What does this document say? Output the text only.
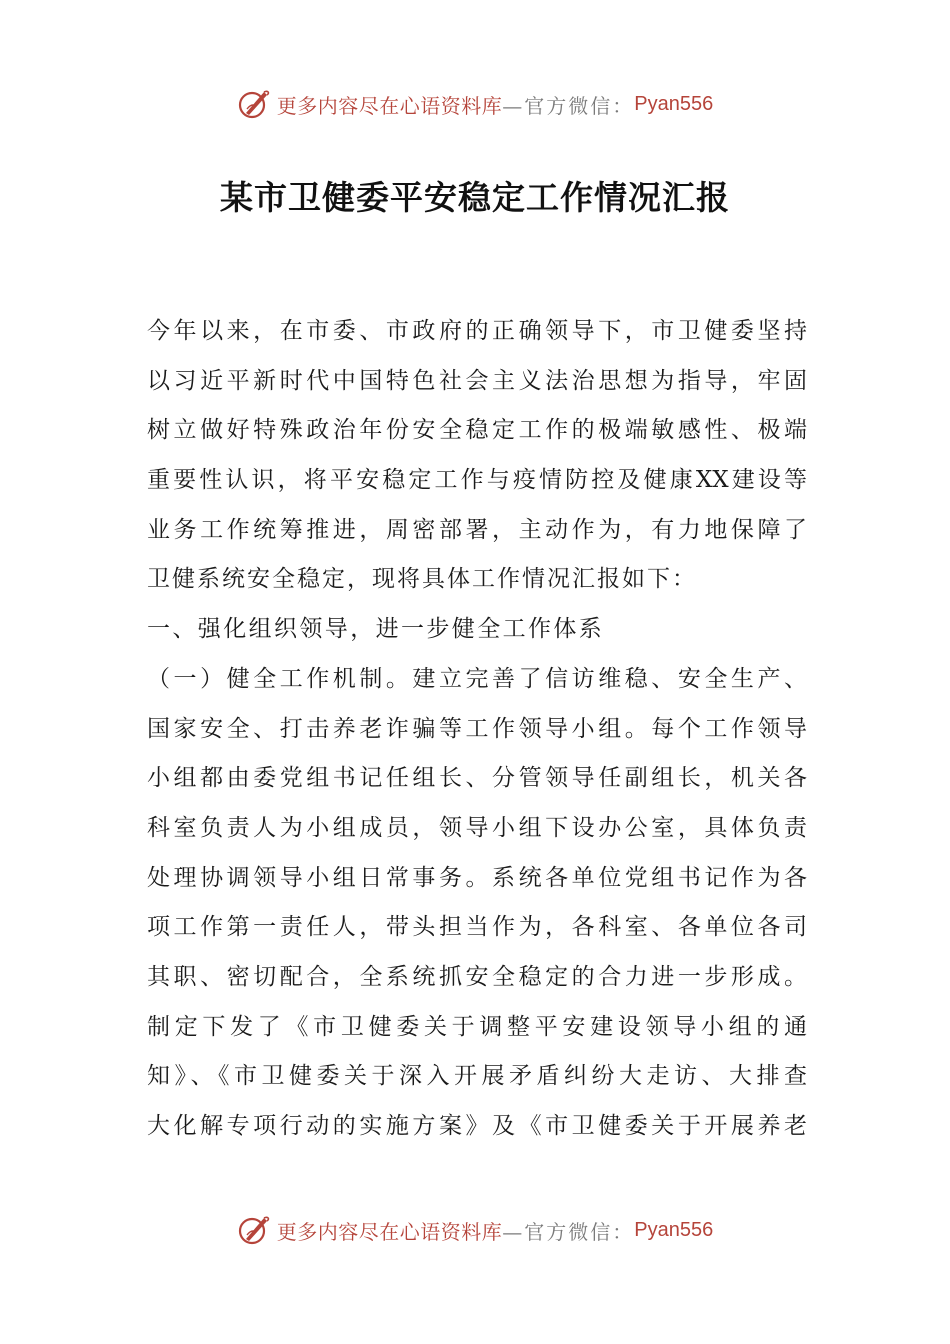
更多内容尽在心语资料库 —官方微信： Pyan556
某市卫健委平安稳定工作情况汇报
今年以来，在市委、市政府的正确领导下，市卫健委坚持
以习近平新时代中国特色社会主义法治思想为指导，牢固
树立做好特殊政治年份安全稳定工作的极端敏感性、极端
重要性认识，将平安稳定工作与疫情防控及健康XX建设等
业务工作统筹推进，周密部署，主动作为，有力地保障了
卫健系统安全稳定，现将具体工作情况汇报如下：
一、强化组织领导，进一步健全工作体系
（一）健全工作机制。建立完善了信访维稳、安全生产、
国家安全、打击养老诈骗等工作领导小组。每个工作领导
小组都由委党组书记任组长、分管领导任副组长，机关各
科室负责人为小组成员，领导小组下设办公室，具体负责
处理协调领导小组日常事务。系统各单位党组书记作为各
项工作第一责任人，带头担当作为，各科室、各单位各司
其职、密切配合，全系统抓安全稳定的合力进一步形成。
制定下发了《市卫健委关于调整平安建设领导小组的通
知》、《市卫健委关于深入开展矛盾纠纷大走访、大排查
大化解专项行动的实施方案》及《市卫健委关于开展养老
更多内容尽在心语资料库 —官方微信： Pyan556
